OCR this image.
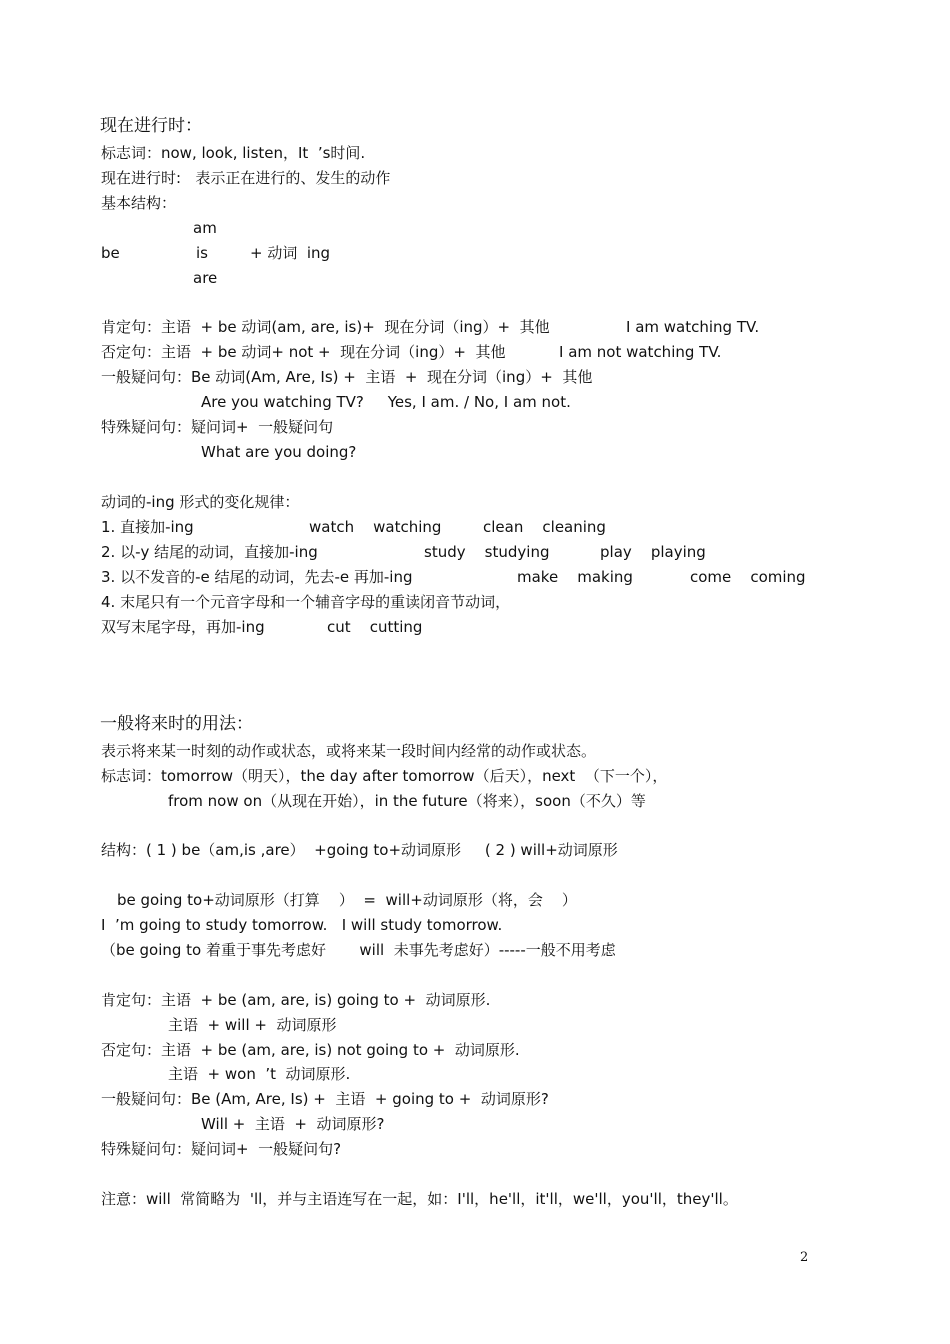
现在进行时：
标志词：now, look, listen，It  ’s时间.
现在进行时:   表示正在进行的、发生的动作
基本结构：
am
be	is	+ 动词  ing
are
肯定句：主语  + be 动词(am, are, is)+  现在分词（ing）+  其他	I am watching TV.
否定句：主语  + be 动词+ not +  现在分词（ing）+  其他	I am not watching TV.
一般疑问句：Be 动词(Am, Are, Is) +  主语  +  现在分词（ing）+  其他
Are you watching TV?     Yes, I am. / No, I am not.
特殊疑问句：疑问词+  一般疑问句
What are you doing?
动词的-ing 形式的变化规律：
1. 直接加-ing	watch    watching	clean    cleaning
2. 以-y 结尾的动词，直接加-ing	study    studying	play    playing
3. 以不发音的-e 结尾的动词，先去-e 再加-ing	make    making	come    coming
4. 末尾只有一个元音字母和一个辅音字母的重读闭音节动词，
双写末尾字母，再加-ing	cut    cutting
一般将来时的用法：
表示将来某一时刻的动作或状态，或将来某一段时间内经常的动作或状态。
标志词：tomorrow（明天），the day after tomorrow（后天），next  （下一个），
from now on（从现在开始），in the future（将来），soon（不久）等
结构：( 1 ) be（am,is ,are）  +going to+动词原形     ( 2 ) will+动词原形
be going to+动词原形（打算    ）  =  will+动词原形（将，会    ）
I  ’m going to study tomorrow.   I will study tomorrow.
（be going to 着重于事先考虑好       will  未事先考虑好）-----一般不用考虑
肯定句：主语  + be (am, are, is) going to +  动词原形.
主语  + will +  动词原形
否定句：主语  + be (am, are, is) not going to +  动词原形.
主语  + won  ’t  动词原形.
一般疑问句：Be (Am, Are, Is) +  主语  + going to +  动词原形?
Will +  主语  +  动词原形?
特殊疑问句：疑问词+  一般疑问句?
注意：will  常简略为  'll，并与主语连写在一起，如：I'll，he'll，it'll，we'll，you'll，they'll。
2
